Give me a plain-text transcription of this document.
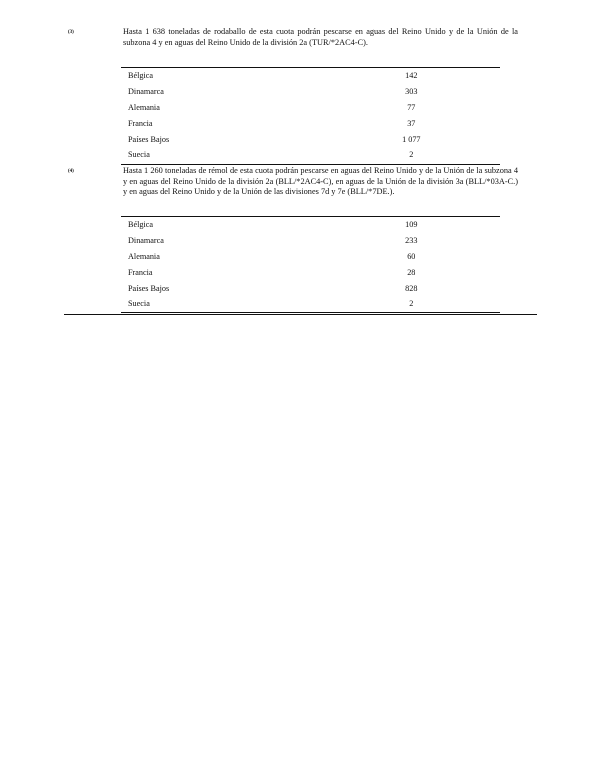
(3)	Hasta 1 638 toneladas de rodaballo de esta cuota podrán pescarse en aguas del Reino Unido y de la Unión de la subzona 4 y en aguas del Reino Unido de la división 2a (TUR/*2AC4-C).
Bélgica	142
Dinamarca	303
Alemania	77
Francia	37
Países Bajos	1 077
Suecia	2
(4)	Hasta 1 260 toneladas de rémol de esta cuota podrán pescarse en aguas del Reino Unido y de la Unión de la subzona 4 y en aguas del Reino Unido de la división 2a (BLL/*2AC4-C), en aguas de la Unión de la división 3a (BLL/*03A-C.) y en aguas del Reino Unido y de la Unión de las divisiones 7d y 7e (BLL/*7DE.).
Bélgica	109
Dinamarca	233
Alemania	60
Francia	28
Países Bajos	828
Suecia	2
